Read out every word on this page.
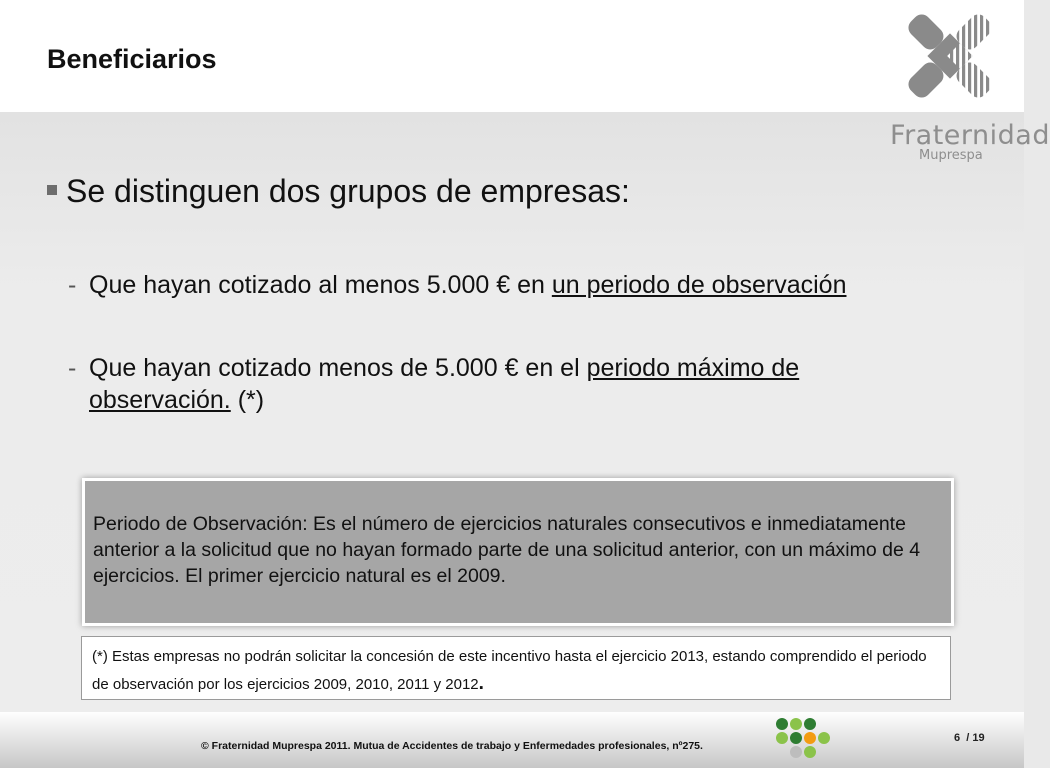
Beneficiarios
Fraternidad
Muprespa
Se distinguen dos grupos de empresas:
- Que hayan cotizado al menos 5.000 € en un periodo de observación
- Que hayan cotizado menos de 5.000 € en el periodo máximo de observación. (*)

Periodo de Observación: Es el número de ejercicios naturales consecutivos e inmediatamente anterior a la solicitud que no hayan formado parte de una solicitud anterior, con un máximo de 4 ejercicios. El primer ejercicio natural es el 2009.

(*) Estas empresas no podrán solicitar la concesión de este incentivo hasta el ejercicio 2013, estando comprendido el periodo de observación por los ejercicios 2009, 2010, 2011 y 2012.

© Fraternidad Muprespa 2011. Mutua de Accidentes de trabajo y Enfermedades profesionales, nº275.
6 / 19
